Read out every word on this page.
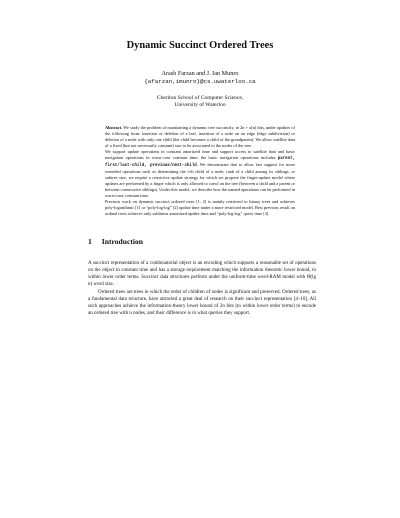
Dynamic Succinct Ordered Trees
Arash Farzan and J. Ian Munro
{afarzan,imunro}@cs.uwaterloo.ca
Cheriton School of Computer Science,
University of Waterloo

Abstract. We study the problem of maintaining a dynamic tree succinctly, in 2n + o(n) bits, under updates of the following form: insertion or deletion of a leaf, insertion of a node on an edge (edge subdivision) or deletion of a node with only one child (the child becomes a child of the grandparent). We allow satellite data of a fixed (but not necessarily constant) size to be associated to the nodes of the tree.

We support update operations in constant amortized time and support access to satellite data and basic navigation operations in worst-case constant time; the basic navigation operations includes parent, first/last-child, previous/next-child. We demonstrate that to allow fast support for more extended operations such as determining the i-th child of a node, rank of a child among its siblings, or subtree size, we require a restrictive update strategy for which we propose the finger-update model where updates are performed by a finger which is only allowed to crawl on the tree (between a child and a parent or between consecutive siblings). Under this model, we describe how the named operations can be performed in worst-case constant time.

Previous work on dynamic succinct ordered trees [1, 2] is mainly restricted to binary trees and achieves poly-logarithmic [1] or “poly-log-log” [2] update time under a more restricted model. Best previous result on ordinal trees achieves only sublinear amortized update time and “poly-log-log” query time [3].

1 Introduction

A succinct representation of a combinatorial object is an encoding which supports a reasonable set of operations on the object in constant time and has a storage requirement matching the information theoretic lower bound, to within lower order terms. Succinct data structures perform under the uniform-time word-RAM model with Θ(lg n) word size.

Ordered trees are trees in which the order of children of nodes is significant and preserved. Ordered trees, as a fundamental data structure, have attracted a great deal of research on their succinct representation [4–10]. All such approaches achieve the information-theory lower bound of 2n bits (to within lower order terms) to encode an ordered tree with n nodes, and their difference is in what queries they support.
